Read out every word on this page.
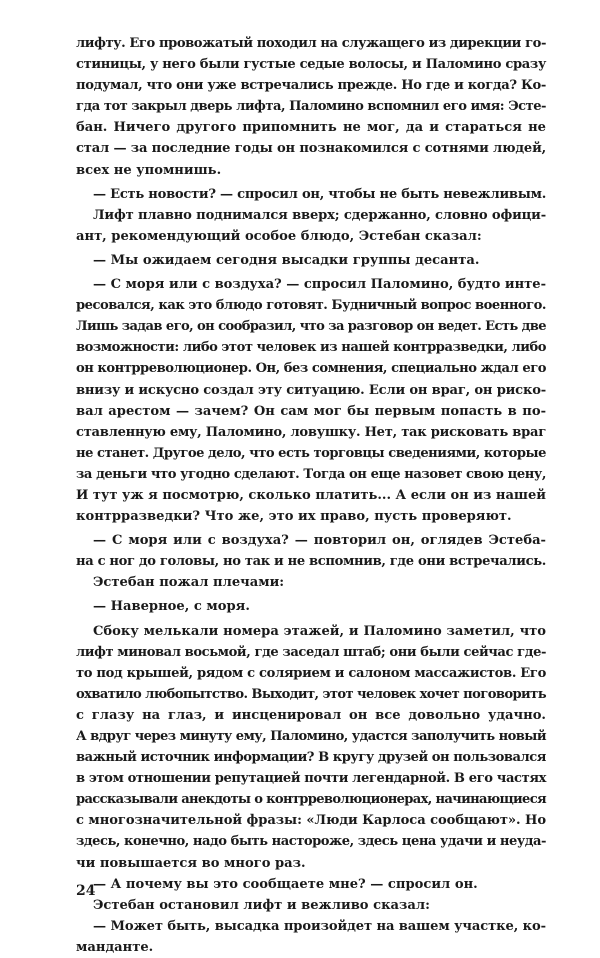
лифту. Его провожатый походил на служащего из дирекции го-
стиницы, у него были густые седые волосы, и Паломино сразу
подумал, что они уже встречались прежде. Но где и когда? Ко-
гда тот закрыл дверь лифта, Паломино вспомнил его имя: Эсте-
бан. Ничего другого припомнить не мог, да и стараться не
стал — за последние годы он познакомился с сотнями людей,
всех не упомнишь.
— Есть новости? — спросил он, чтобы не быть невежливым.
Лифт плавно поднимался вверх; сдержанно, словно офици-
ант, рекомендующий особое блюдо, Эстебан сказал:
— Мы ожидаем сегодня высадки группы десанта.
— С моря или с воздуха? — спросил Паломино, будто инте-
ресовался, как это блюдо готовят. Будничный вопрос военного.
Лишь задав его, он сообразил, что за разговор он ведет. Есть две
возможности: либо этот человек из нашей контрразведки, либо
он контрреволюционер. Он, без сомнения, специально ждал его
внизу и искусно создал эту ситуацию. Если он враг, он риско-
вал арестом — зачем? Он сам мог бы первым попасть в по-
ставленную ему, Паломино, ловушку. Нет, так рисковать враг
не станет. Другое дело, что есть торговцы сведениями, которые
за деньги что угодно сделают. Тогда он еще назовет свою цену,
И тут уж я посмотрю, сколько платить... А если он из нашей
контрразведки? Что же, это их право, пусть проверяют.
— С моря или с воздуха? — повторил он, оглядев Эстеба-
на с ног до головы, но так и не вспомнив, где они встречались.
Эстебан пожал плечами:
— Наверное, с моря.
Сбоку мелькали номера этажей, и Паломино заметил, что
лифт миновал восьмой, где заседал штаб; они были сейчас где-
то под крышей, рядом с солярием и салоном массажистов. Его
охватило любопытство. Выходит, этот человек хочет поговорить
с глазу на глаз, и инсценировал он все довольно удачно.
А вдруг через минуту ему, Паломино, удастся заполучить новый
важный источник информации? В кругу друзей он пользовался
в этом отношении репутацией почти легендарной. В его частях
рассказывали анекдоты о контрреволюционерах, начинающиеся
с многозначительной фразы: «Люди Карлоса сообщают». Но
здесь, конечно, надо быть настороже, здесь цена удачи и неуда-
чи повышается во много раз.
— А почему вы это сообщаете мне? — спросил он.
Эстебан остановил лифт и вежливо сказал:
— Может быть, высадка произойдет на вашем участке, ко-
манданте.
24
